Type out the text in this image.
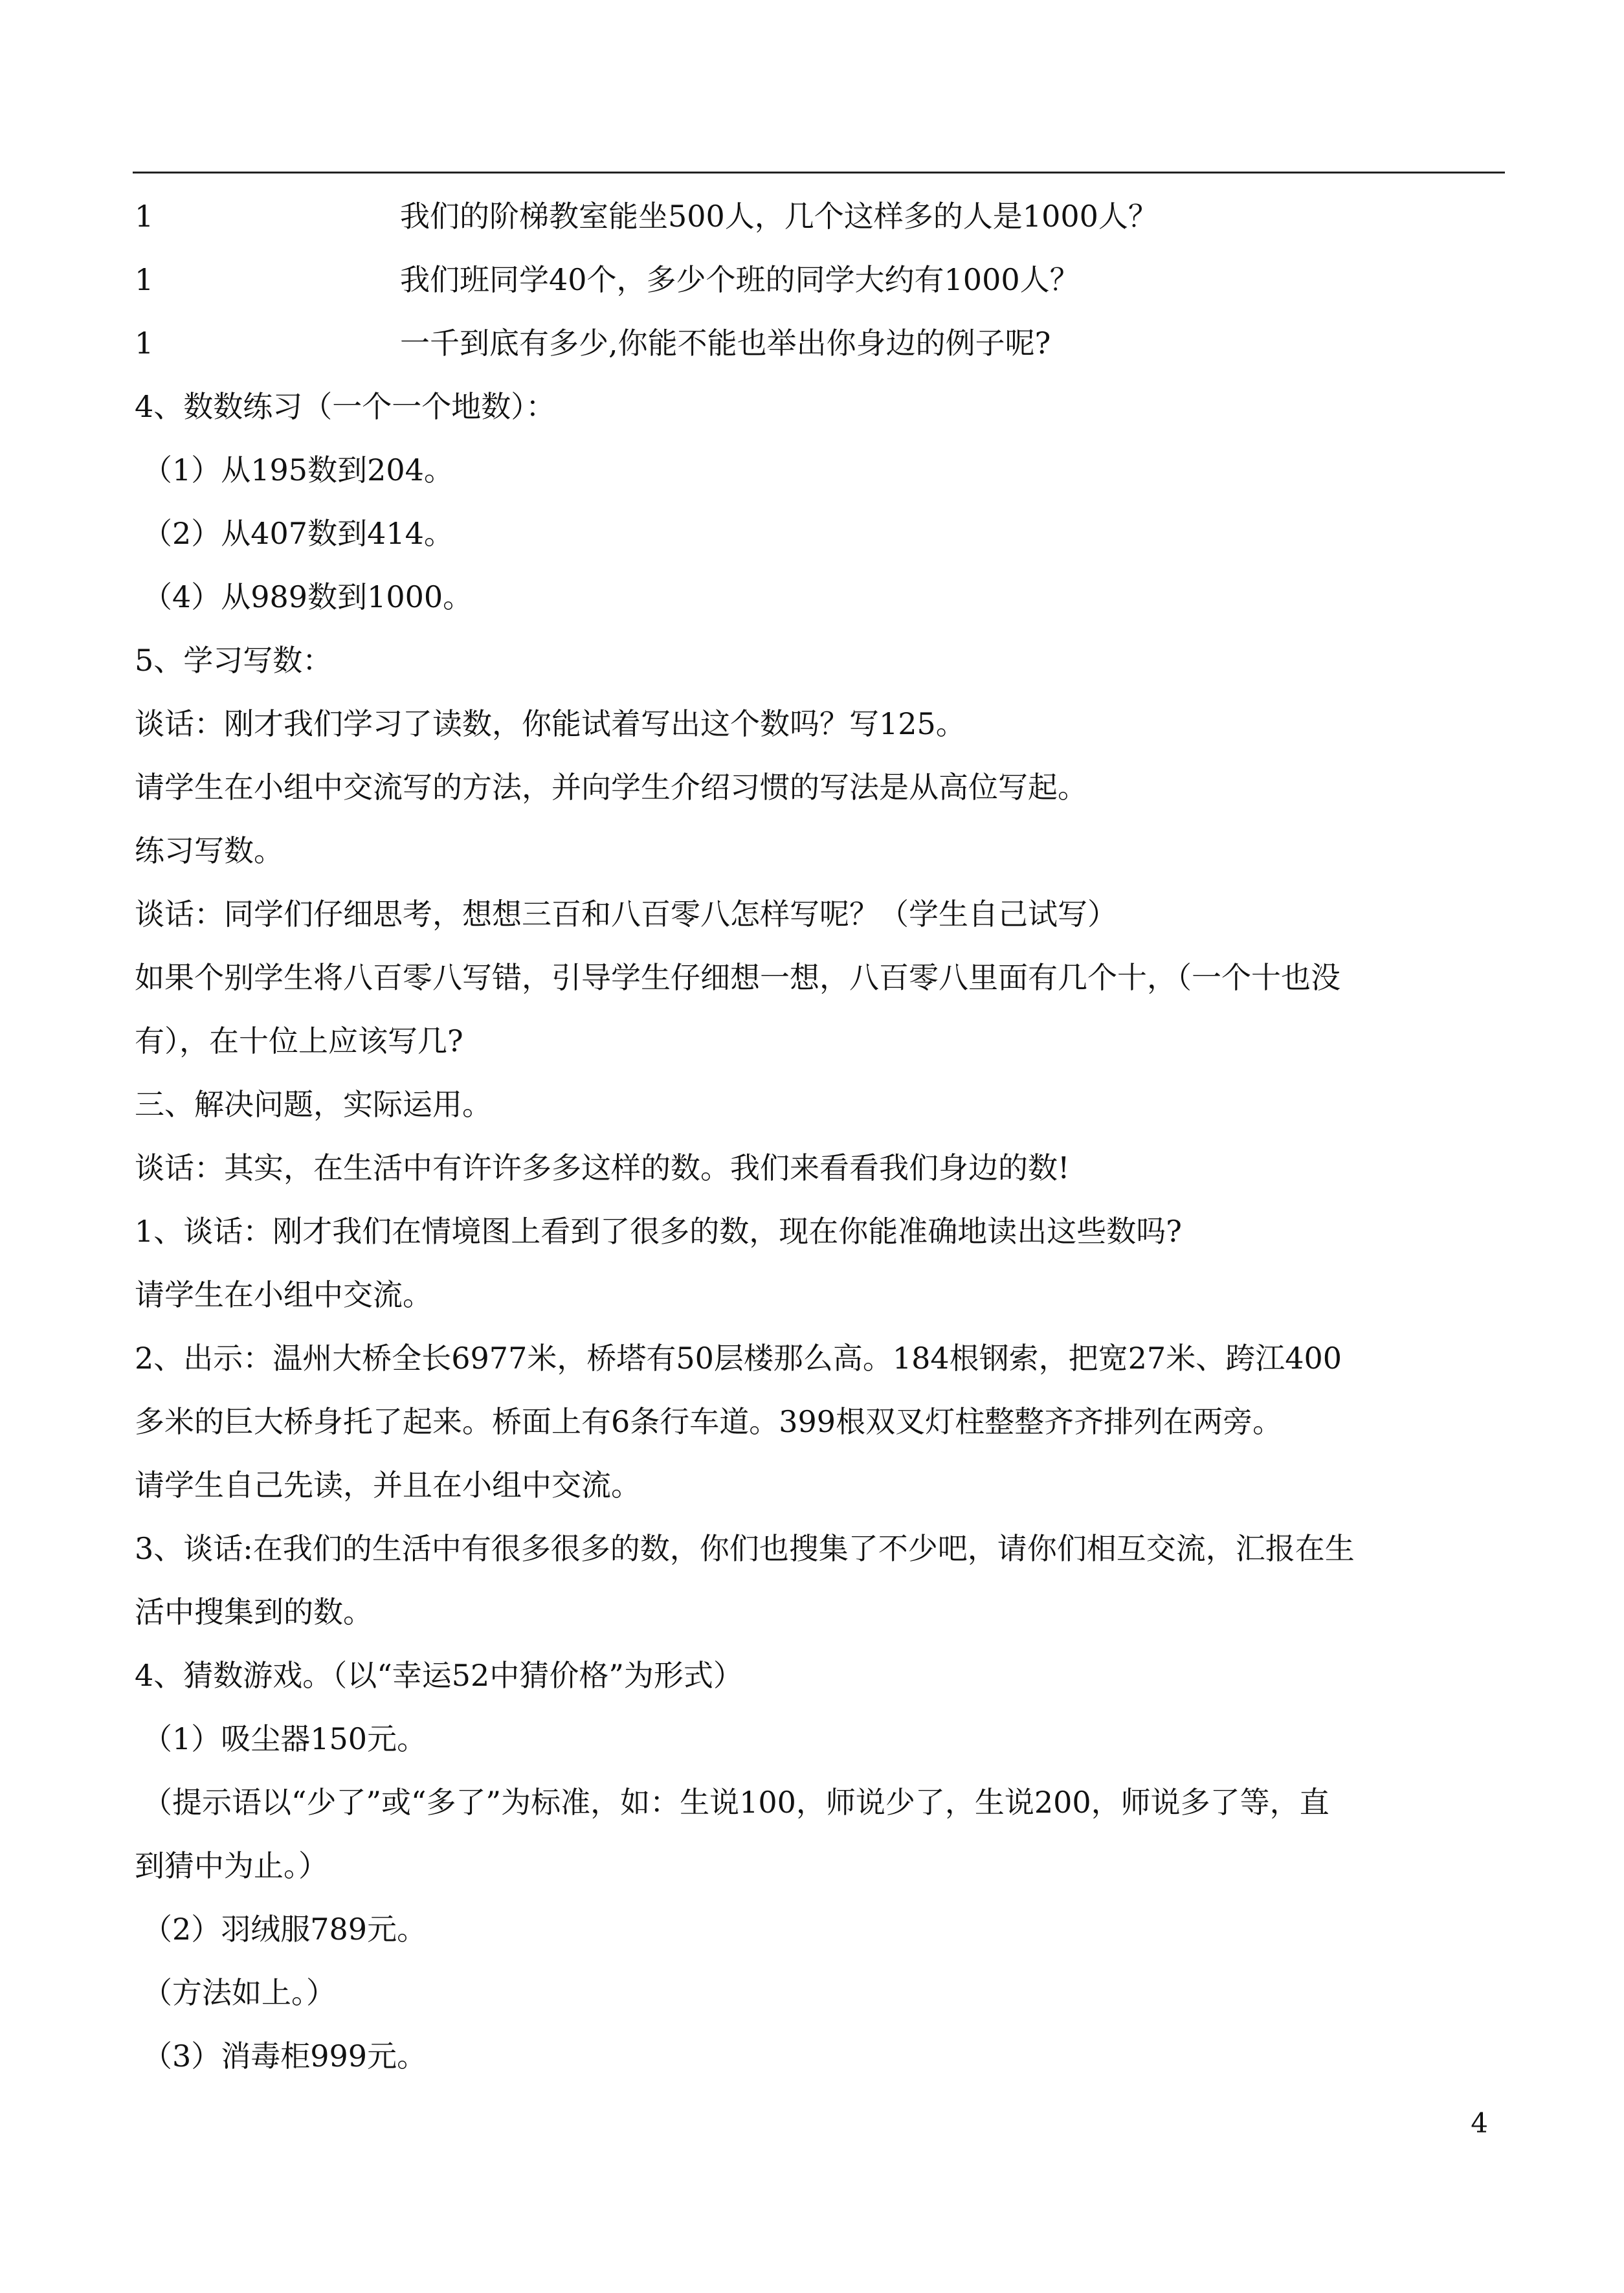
1	我们的阶梯教室能坐500人，几个这样多的人是1000人？
1	我们班同学40个，多少个班的同学大约有1000人？
1	一千到底有多少,你能不能也举出你身边的例子呢?
4、数数练习（一个一个地数）：
（1）从195数到204。
（2）从407数到414。
（4）从989数到1000。
5、学习写数：
谈话：刚才我们学习了读数，你能试着写出这个数吗？写125。
请学生在小组中交流写的方法，并向学生介绍习惯的写法是从高位写起。
练习写数。
谈话：同学们仔细思考，想想三百和八百零八怎样写呢？（学生自己试写）
如果个别学生将八百零八写错，引导学生仔细想一想，八百零八里面有几个十，（一个十也没
有），在十位上应该写几?
三、解决问题，实际运用。
谈话：其实，在生活中有许许多多这样的数。我们来看看我们身边的数!
1、谈话：刚才我们在情境图上看到了很多的数，现在你能准确地读出这些数吗?
请学生在小组中交流。
2、出示：温州大桥全长6977米，桥塔有50层楼那么高。184根钢索，把宽27米、跨江400
多米的巨大桥身托了起来。桥面上有6条行车道。399根双叉灯柱整整齐齐排列在两旁。
请学生自己先读，并且在小组中交流。
3、谈话:在我们的生活中有很多很多的数，你们也搜集了不少吧，请你们相互交流，汇报在生
活中搜集到的数。
4、猜数游戏。（以“幸运52中猜价格”为形式）
（1）吸尘器150元。
（提示语以“少了”或“多了”为标准，如：生说100，师说少了，生说200，师说多了等，直
到猜中为止。）
（2）羽绒服789元。
（方法如上。）
（3）消毒柜999元。
4
